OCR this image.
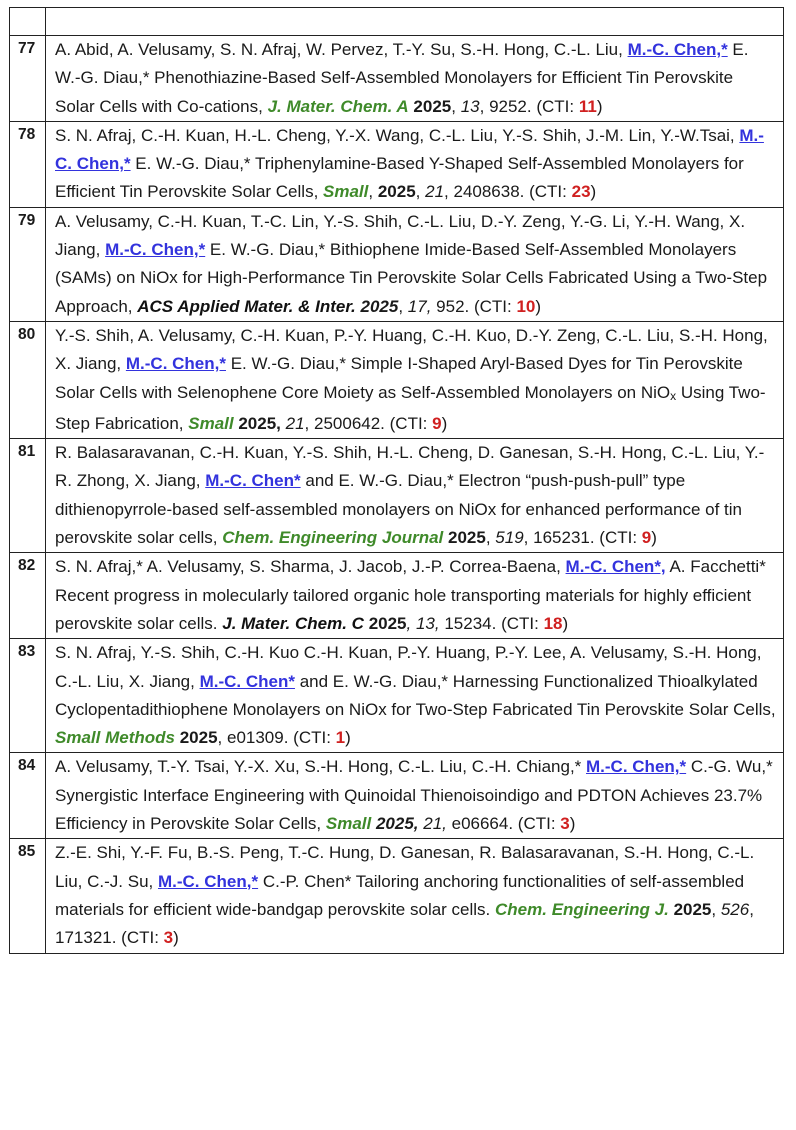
77	A. Abid, A. Velusamy, S. N. Afraj, W. Pervez, T.-Y. Su, S.-H. Hong, C.-L. Liu, M.-C. Chen,* E. W.-G. Diau,* Phenothiazine-Based Self-Assembled Monolayers for Efficient Tin Perovskite Solar Cells with Co-cations, J. Mater. Chem. A 2025, 13, 9252. (CTI: 11)
78	S. N. Afraj, C.-H. Kuan, H.-L. Cheng, Y.-X. Wang, C.-L. Liu, Y.-S. Shih, J.-M. Lin, Y.-W.Tsai, M.-C. Chen,* E. W.-G. Diau,* Triphenylamine-Based Y-Shaped Self-Assembled Monolayers for Efficient Tin Perovskite Solar Cells, Small, 2025, 21, 2408638. (CTI: 23)
79	A. Velusamy, C.-H. Kuan, T.-C. Lin, Y.-S. Shih, C.-L. Liu, D.-Y. Zeng, Y.-G. Li, Y.-H. Wang, X. Jiang, M.-C. Chen,* E. W.-G. Diau,* Bithiophene Imide-Based Self-Assembled Monolayers (SAMs) on NiOx for High-Performance Tin Perovskite Solar Cells Fabricated Using a Two-Step Approach, ACS Applied Mater. & Inter. 2025, 17, 952. (CTI: 10)
80	Y.-S. Shih, A. Velusamy, C.-H. Kuan, P.-Y. Huang, C.-H. Kuo, D.-Y. Zeng, C.-L. Liu, S.-H. Hong, X. Jiang, M.-C. Chen,* E. W.-G. Diau,* Simple I-Shaped Aryl-Based Dyes for Tin Perovskite Solar Cells with Selenophene Core Moiety as Self-Assembled Monolayers on NiOx Using Two-Step Fabrication, Small 2025, 21, 2500642. (CTI: 9)
81	R. Balasaravanan, C.-H. Kuan, Y.-S. Shih, H.-L. Cheng, D. Ganesan, S.-H. Hong, C.-L. Liu, Y.-R. Zhong, X. Jiang, M.-C. Chen* and E. W.-G. Diau,* Electron “push-push-pull” type dithienopyrrole-based self-assembled monolayers on NiOx for enhanced performance of tin perovskite solar cells, Chem. Engineering Journal 2025, 519, 165231. (CTI: 9)
82	S. N. Afraj,* A. Velusamy, S. Sharma, J. Jacob, J.-P. Correa-Baena, M.-C. Chen*, A. Facchetti* Recent progress in molecularly tailored organic hole transporting materials for highly efficient perovskite solar cells. J. Mater. Chem. C 2025, 13, 15234. (CTI: 18)
83	S. N. Afraj, Y.-S. Shih, C.-H. Kuo C.-H. Kuan, P.-Y. Huang, P.-Y. Lee, A. Velusamy, S.-H. Hong, C.-L. Liu, X. Jiang, M.-C. Chen* and E. W.-G. Diau,* Harnessing Functionalized Thioalkylated Cyclopentadithiophene Monolayers on NiOx for Two-Step Fabricated Tin Perovskite Solar Cells, Small Methods 2025, e01309. (CTI: 1)
84	A. Velusamy, T.-Y. Tsai, Y.-X. Xu, S.-H. Hong, C.-L. Liu, C.-H. Chiang,* M.-C. Chen,* C.-G. Wu,* Synergistic Interface Engineering with Quinoidal Thienoisoindigo and PDTON Achieves 23.7% Efficiency in Perovskite Solar Cells, Small 2025, 21, e06664. (CTI: 3)
85	Z.-E. Shi, Y.-F. Fu, B.-S. Peng, T.-C. Hung, D. Ganesan, R. Balasaravanan, S.-H. Hong, C.-L. Liu, C.-J. Su, M.-C. Chen,* C.-P. Chen* Tailoring anchoring functionalities of self-assembled materials for efficient wide-bandgap perovskite solar cells. Chem. Engineering J. 2025, 526, 171321. (CTI: 3)
